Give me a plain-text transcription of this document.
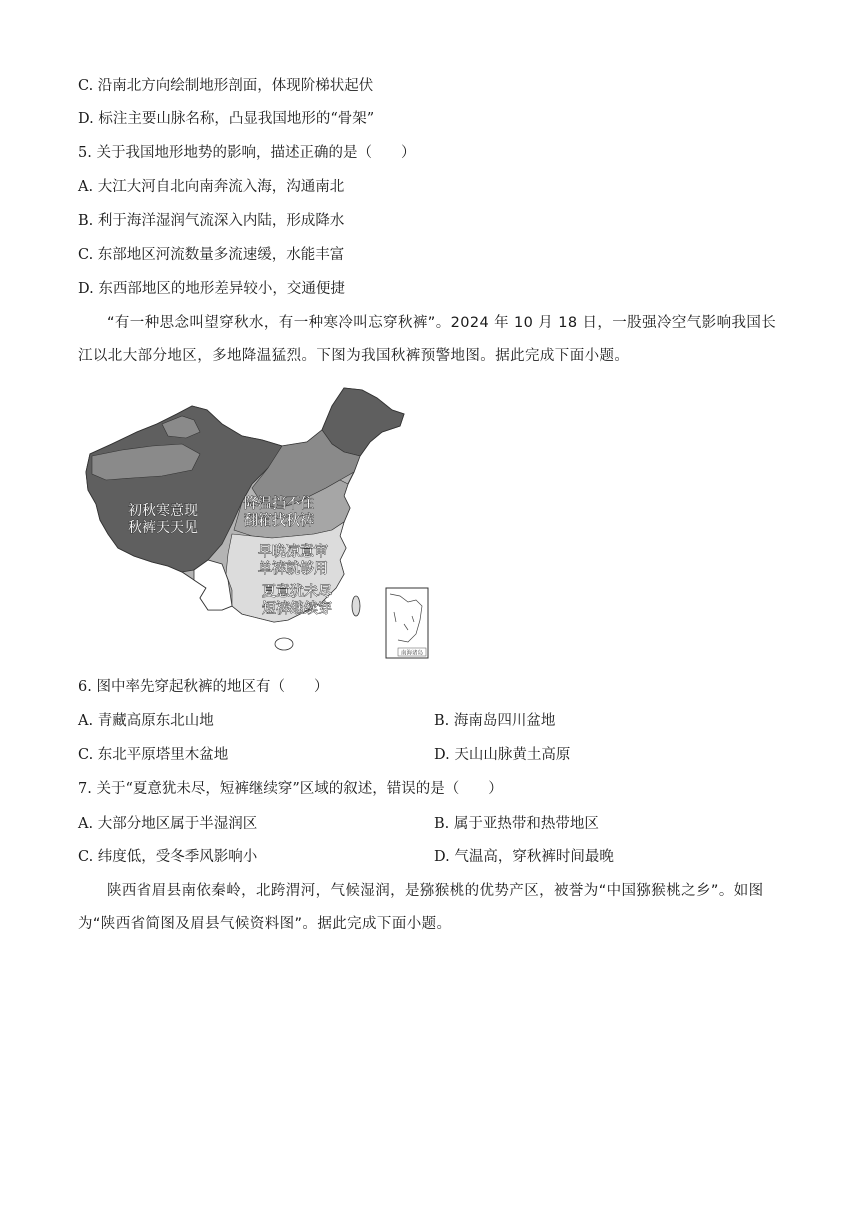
C. 沿南北方向绘制地形剖面，体现阶梯状起伏
D. 标注主要山脉名称，凸显我国地形的“骨架”
5. 关于我国地形地势的影响，描述正确的是（　　）
A. 大江大河自北向南奔流入海，沟通南北
B. 利于海洋湿润气流深入内陆，形成降水
C. 东部地区河流数量多流速缓，水能丰富
D. 东西部地区的地形差异较小，交通便捷
“有一种思念叫望穿秋水，有一种寒冷叫忘穿秋裤”。2024 年 10 月 18 日，一股强冷空气影响我国长江以北大部分地区，多地降温猛烈。下图为我国秋裤预警地图。据此完成下面小题。
南海诸岛
初秋寒意现
秋裤天天见
降温挡不住
翻箱找秋裤
早晚凉意审
单裤就够用
夏意犹未尽
短裤继续穿
6. 图中率先穿起秋裤的地区有（　　）
A. 青藏高原东北山地	B. 海南岛四川盆地
C. 东北平原塔里木盆地	D. 天山山脉黄土高原
7. 关于“夏意犹未尽，短裤继续穿”区域的叙述，错误的是（　　）
A. 大部分地区属于半湿润区	B. 属于亚热带和热带地区
C. 纬度低，受冬季风影响小	D. 气温高，穿秋裤时间最晚
陕西省眉县南依秦岭，北跨渭河，气候湿润，是猕猴桃的优势产区，被誉为“中国猕猴桃之乡”。如图为“陕西省简图及眉县气候资料图”。据此完成下面小题。
